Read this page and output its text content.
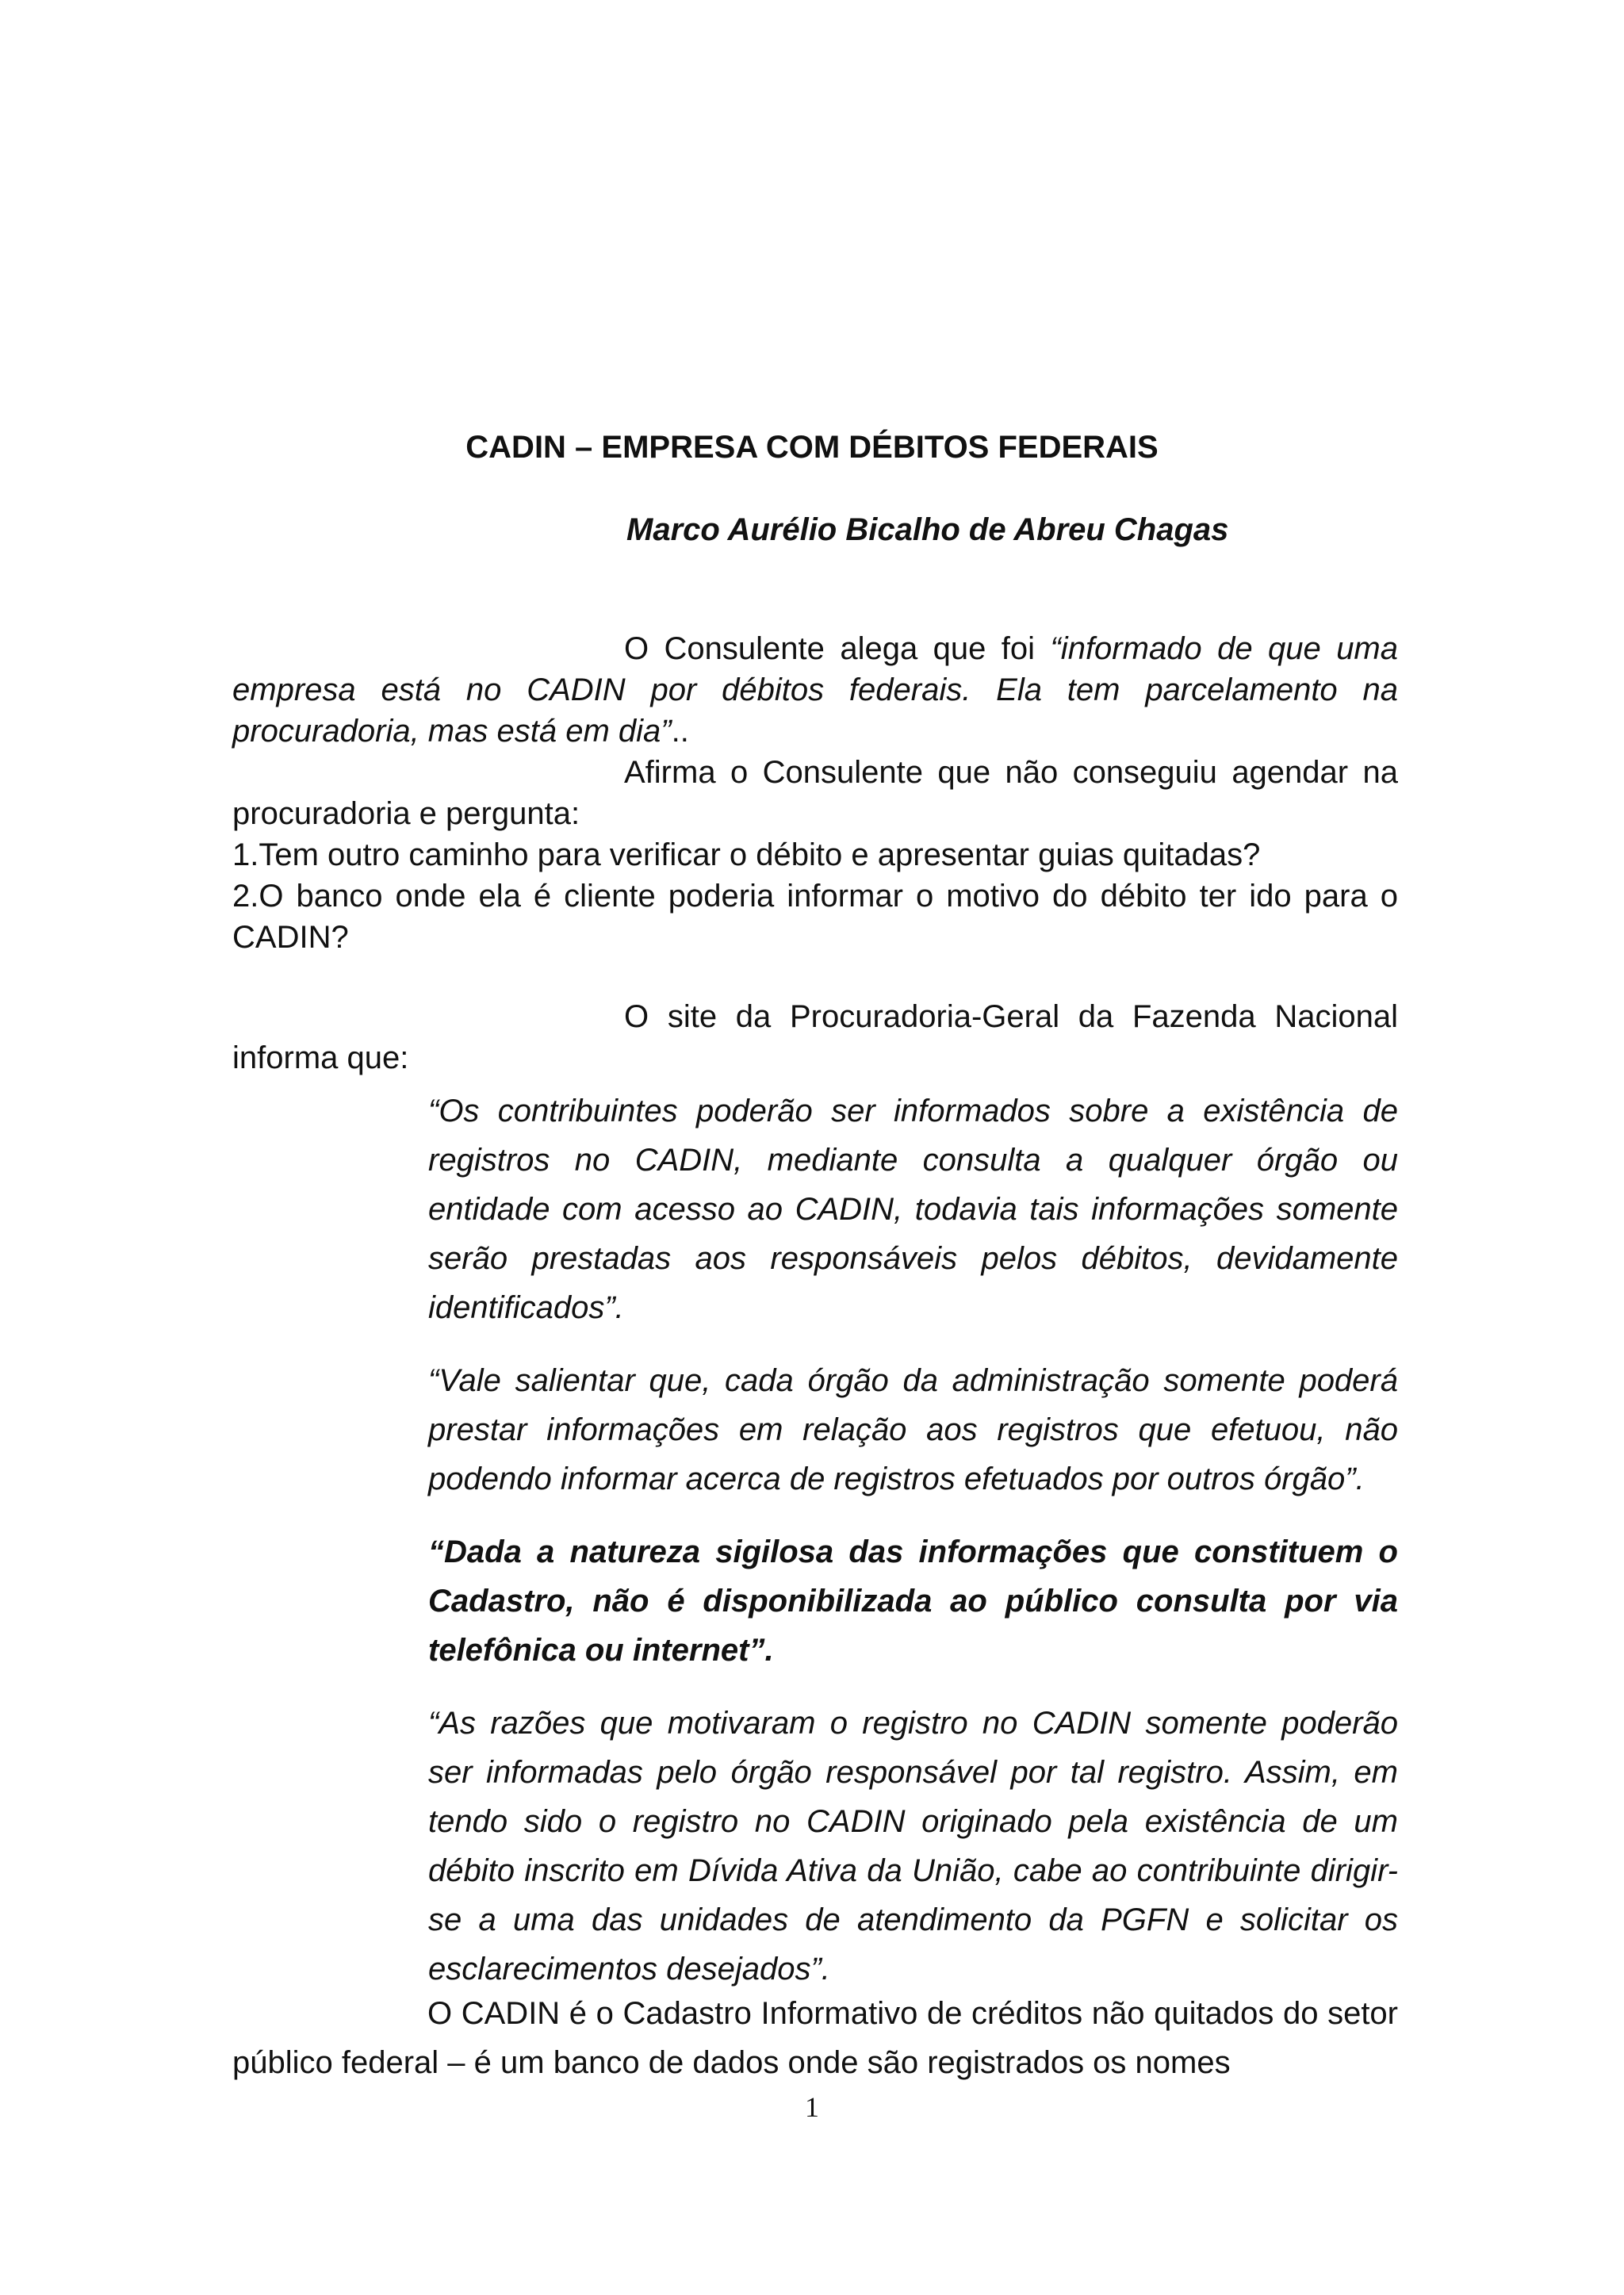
CADIN – EMPRESA COM DÉBITOS FEDERAIS
Marco Aurélio Bicalho de Abreu Chagas

O Consulente alega que foi “informado de que uma empresa está no CADIN por débitos federais. Ela tem parcelamento na procuradoria, mas está em dia”..

Afirma o Consulente que não conseguiu agendar na procuradoria e pergunta:

1.Tem outro caminho para verificar o débito e apresentar guias quitadas?

2.O banco onde ela é cliente poderia informar o motivo do débito ter ido para o CADIN?

O site da Procuradoria-Geral da Fazenda Nacional informa que:

“Os contribuintes poderão ser informados sobre a existência de registros no CADIN, mediante consulta a qualquer órgão ou entidade com acesso ao CADIN, todavia tais informações somente serão prestadas aos responsáveis pelos débitos, devidamente identificados”.

“Vale salientar que, cada órgão da administração somente poderá prestar informações em relação aos registros que efetuou, não podendo informar acerca de registros efetuados por outros órgão”.

“Dada a natureza sigilosa das informações que constituem o Cadastro, não é disponibilizada ao público consulta por via telefônica ou internet”.

“As razões que motivaram o registro no CADIN somente poderão ser informadas pelo órgão responsável por tal registro. Assim, em tendo sido o registro no CADIN originado pela existência de um débito inscrito em Dívida Ativa da União, cabe ao contribuinte dirigir-se a uma das unidades de atendimento da PGFN e solicitar os esclarecimentos desejados”.

O CADIN é o Cadastro Informativo de créditos não quitados do setor público federal – é um banco de dados onde são registrados os nomes

1
